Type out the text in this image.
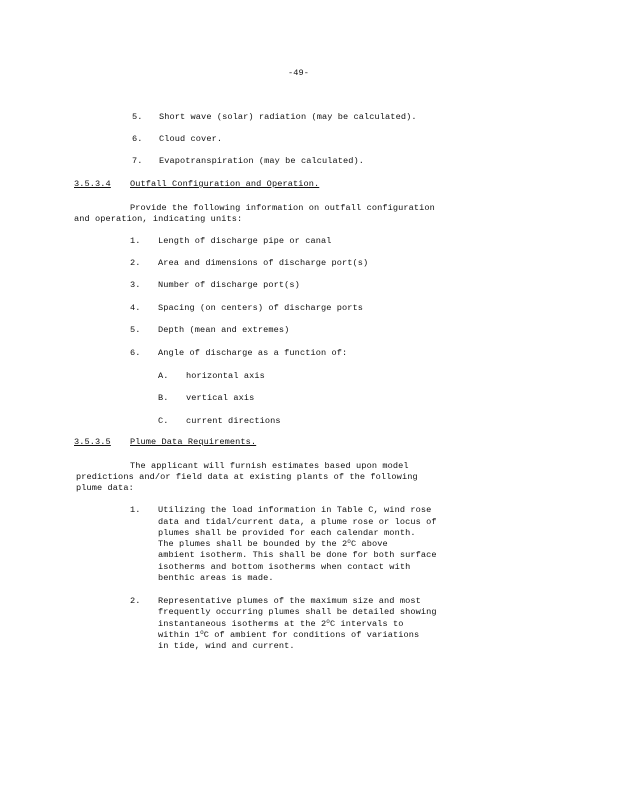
-49-
5. Short wave (solar) radiation (may be calculated).
6. Cloud cover.
7. Evapotranspiration (may be calculated).
3.5.3.4 Outfall Configuration and Operation.
Provide the following information on outfall configuration
and operation, indicating units:
1. Length of discharge pipe or canal
2. Area and dimensions of discharge port(s)
3. Number of discharge port(s)
4. Spacing (on centers) of discharge ports
5. Depth (mean and extremes)
6. Angle of discharge as a function of:
A. horizontal axis
B. vertical axis
C. current directions
3.5.3.5 Plume Data Requirements.
The applicant will furnish estimates based upon model
predictions and/or field data at existing plants of the following
plume data:
1. Utilizing the load information in Table C, wind rose
data and tidal/current data, a plume rose or locus of
plumes shall be provided for each calendar month.
The plumes shall be bounded by the 2$^o$C above
ambient isotherm. This shall be done for both surface
isotherms and bottom isotherms when contact with
benthic areas is made.
2. Representative plumes of the maximum size and most
frequently occurring plumes shall be detailed showing
instantaneous isotherms at the 2$^o$C intervals to
within 1$^o$C of ambient for conditions of variations
in tide, wind and current.
